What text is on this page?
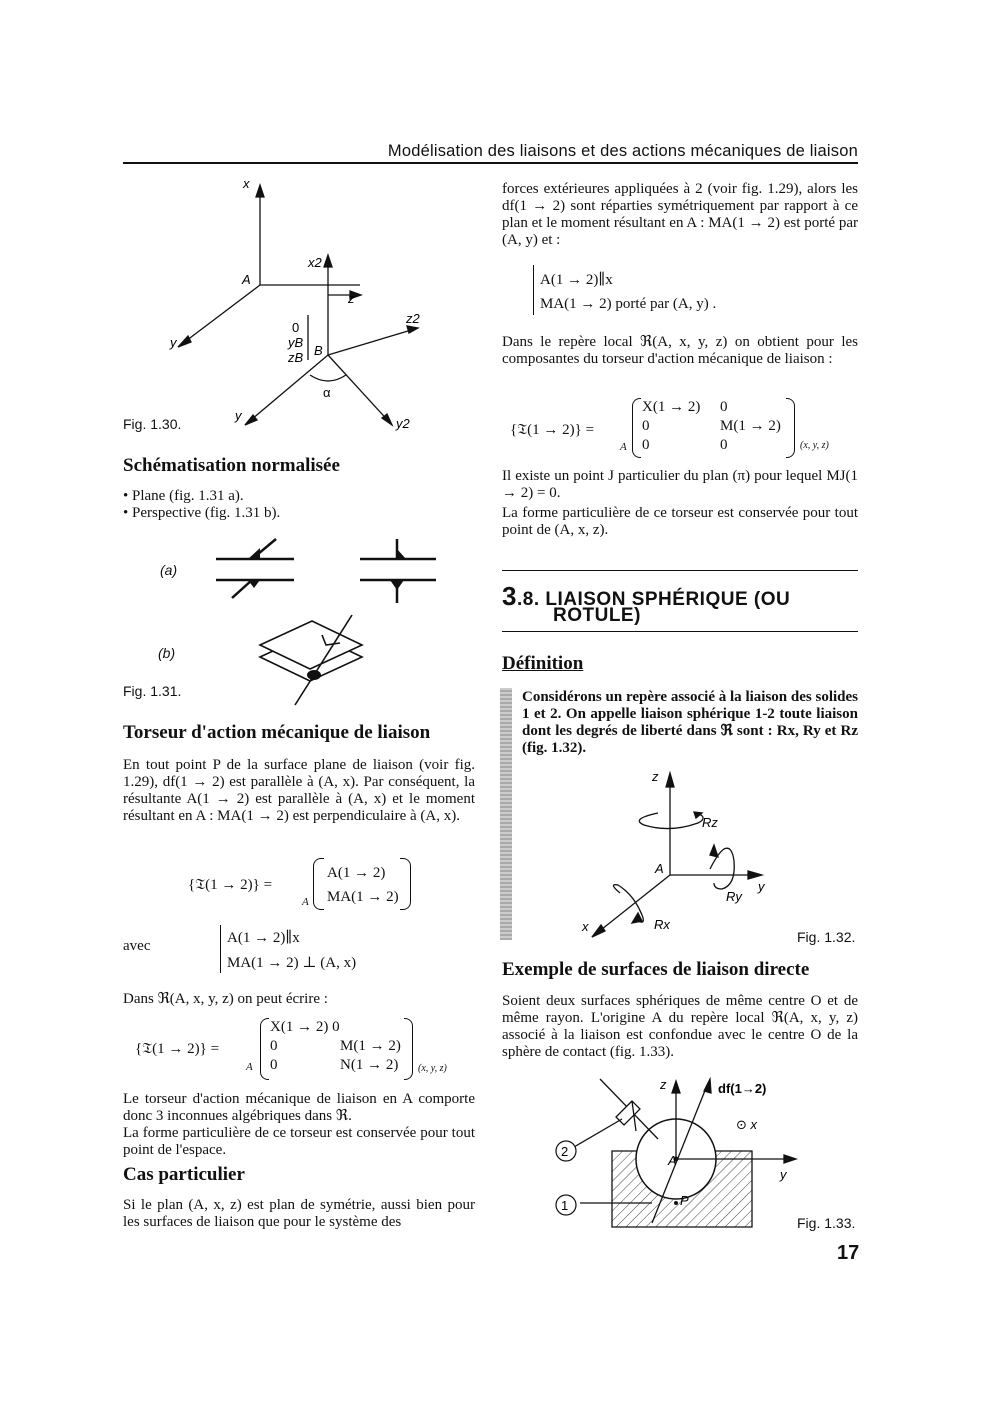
Modélisation des liaisons et des actions mécaniques de liaison
x
A
x2
z
z2
0
yB
zB B
y
α
y
y2
Fig. 1.30.
Schématisation normalisée
• Plane (fig. 1.31 a).
• Perspective (fig. 1.31 b).
(a)
(b)
Fig. 1.31.
Torseur d'action mécanique de liaison
En tout point P de la surface plane de liaison (voir fig. 1.29), df(1 → 2) est parallèle à (A, x). Par conséquent, la résultante A(1 → 2) est parallèle à (A, x) et le moment résultant en A : MA(1 → 2) est perpendiculaire à (A, x).
{𝔗(1 → 2)} =
A(1 → 2)
MA(1 → 2)
A
avec	A(1 → 2)∥x
MA(1 → 2) ⊥ (A, x)
Dans ℜ(A, x, y, z) on peut écrire :
{𝔗(1 → 2)} =
X(1 → 2) 0
0	M(1 → 2)
0	N(1 → 2)
A	(x, y, z)
Le torseur d'action mécanique de liaison en A comporte donc 3 inconnues algébriques dans ℜ.
La forme particulière de ce torseur est conservée pour tout point de l'espace.
Cas particulier
Si le plan (A, x, z) est plan de symétrie, aussi bien pour les surfaces de liaison que pour le système des
forces extérieures appliquées à 2 (voir fig. 1.29), alors les df(1 → 2) sont réparties symétriquement par rapport à ce plan et le moment résultant en A : MA(1 → 2) est porté par (A, y) et :
A(1 → 2)∥x
MA(1 → 2) porté par (A, y) .
Dans le repère local ℜ(A, x, y, z) on obtient pour les composantes du torseur d'action mécanique de liaison :
{𝔗(1 → 2)} =
X(1 → 2) 0
0	M(1 → 2)
0	0
A	(x, y, z)
Il existe un point J particulier du plan (π) pour lequel MJ(1 → 2) = 0.
La forme particulière de ce torseur est conservée pour tout point de (A, x, z).
3.8. LIAISON SPHÉRIQUE (OU
ROTULE)
Définition
Considérons un repère associé à la liaison des solides 1 et 2. On appelle liaison sphérique 1-2 toute liaison dont les degrés de liberté dans ℜ sont : Rx, Ry et Rz (fig. 1.32).
z
Rz
A
y
Ry
x	Rx
Fig. 1.32.
Exemple de surfaces de liaison directe
Soient deux surfaces sphériques de même centre O et de même rayon. L'origine A du repère local ℜ(A, x, y, z) associé à la liaison est confondue avec le centre O de la sphère de contact (fig. 1.33).
z	df(1→2)
⊙ x
2
A
y
1	P
Fig. 1.33.
17
